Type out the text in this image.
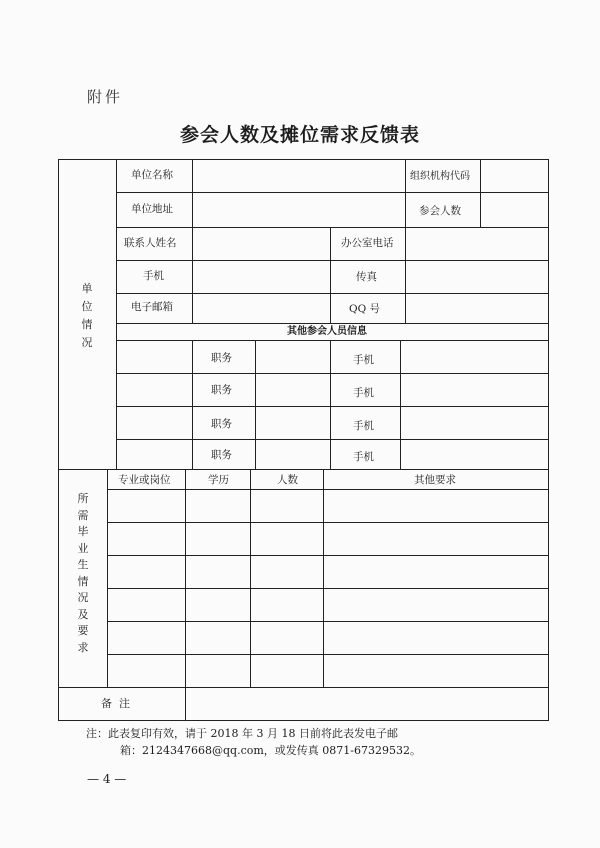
附件
参会人数及摊位需求反馈表
单
位
情
况
单位名称	组织机构代码
单位地址	参会人数
联系人姓名	办公室电话
手机	传真
电子邮箱	QQ 号
其他参会人员信息
职务	手机
职务	手机
职务	手机
职务	手机
所
需
毕
业
生
情
况
及
要
求
专业或岗位	学历	人数	其他要求
备  注
注：此表复印有效，请于 2018 年 3 月 18 日前将此表发电子邮
箱：2124347668@qq.com，或发传真 0871-67329532。
— 4 —
